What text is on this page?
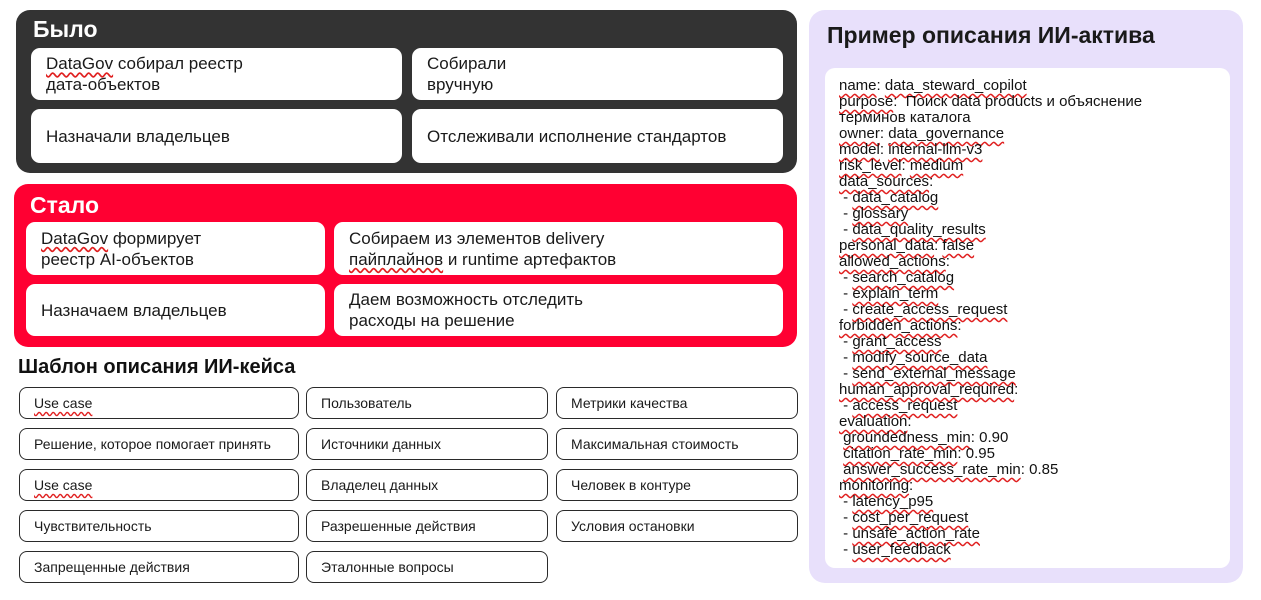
Было
DataGov собирал реестр
дата-объектов
Собирали
вручную
Назначали владельцев	Отслеживали исполнение стандартов
Стало
DataGov формирует
реестр AI-объектов
Собираем из элементов delivery
пайплайнов и runtime артефактов
Назначаем владельцев
Даем возможность отследить
расходы на решение
Шаблон описания ИИ-кейса
Пример описания ИИ-актива
name: data_steward_copilot
purpose:  Поиск data products и объяснение
терминов каталога
owner: data_governance
model: internal-llm-v3
risk_level: medium
data_sources:
- data_catalog
- glossary
- data_quality_results
personal_data: false
allowed_actions:
- search_catalog
- explain_term
- create_access_request
forbidden_actions:
- grant_access
- modify_source_data
- send_external_message
human_approval_required:
- access_request
evaluation:
groundedness_min: 0.90
citation_rate_min: 0.95
answer_success_rate_min: 0.85
monitoring:
- latency_p95
- cost_per_request
- unsafe_action_rate
- user_feedback
Use case	Пользователь	Метрики качества
Решение, которое помогает принять	Источники данных	Максимальная стоимость
Use case	Владелец данных	Человек в контуре
Чувствительность	Разрешенные действия	Условия остановки
Запрещенные действия	Эталонные вопросы
